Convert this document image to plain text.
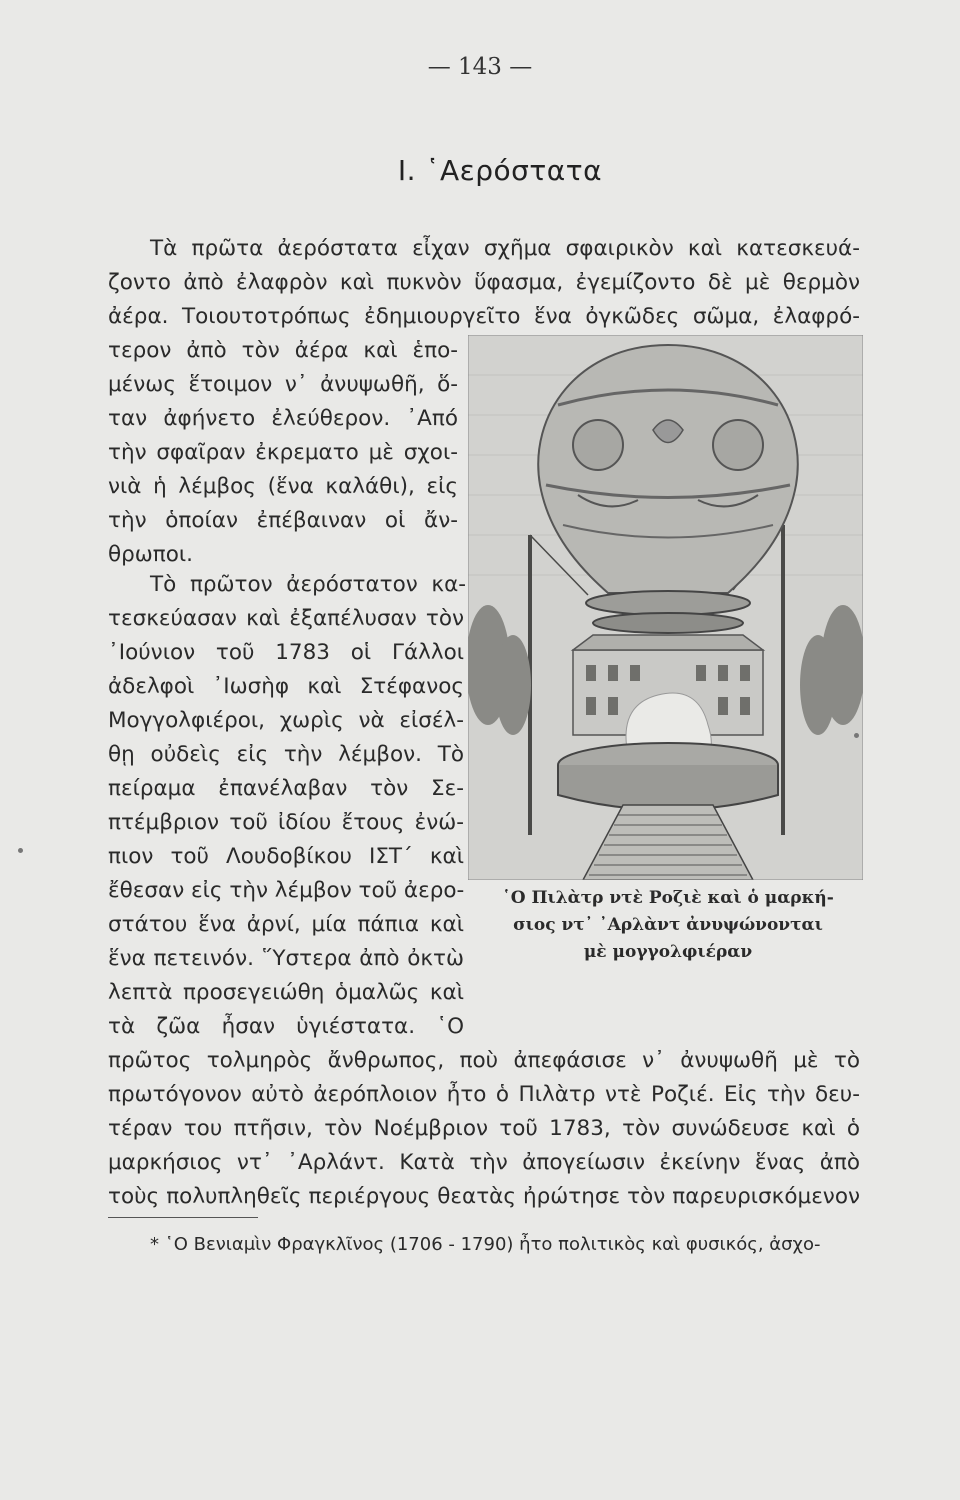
— 143 —
I. ῾Αερόστατα
Τὰ πρῶτα ἀερόστατα εἶχαν σχῆμα σφαιρικὸν καὶ κατεσκευά-
ζοντο ἀπὸ ἐλαφρὸν καὶ πυκνὸν ὕφασμα, ἐγεμίζοντο δὲ μὲ θερμὸν
ἀέρα. Τοιουτοτρόπως ἐδημιουργεῖτο ἕνα ὀγκῶδες σῶμα, ἐλαφρό-
τερον ἀπὸ τὸν ἀέρα καὶ ἑπο-
μένως ἕτοιμον ν᾿ ἀνυψωθῆ, ὅ-
ταν ἀφήνετο ἐλεύθερον. ᾿Από
τὴν σφαῖραν ἐκρεματο μὲ σχοι-
νιὰ ἡ λέμβος (ἕνα καλάθι), εἰς
τὴν ὁποίαν ἐπέβαιναν οἱ ἄν-
θρωποι.
Τὸ πρῶτον ἀερόστατον κα-
τεσκεύασαν καὶ ἐξαπέλυσαν τὸν
᾿Ιούνιον τοῦ 1783 οἱ Γάλλοι
ἀδελφοὶ ᾿Ιωσὴφ καὶ Στέφανος
Μογγολφιέροι, χωρὶς νὰ εἰσέλ-
θῃ οὐδεὶς εἰς τὴν λέμβον. Τὸ
πείραμα ἐπανέλαβαν τὸν Σε-
πτέμβριον τοῦ ἰδίου ἔτους ἐνώ-
πιον τοῦ Λουδοβίκου ΙΣΤ΄ καὶ
ἔθεσαν εἰς τὴν λέμβον τοῦ ἀερο-
στάτου ἕνα ἀρνί, μία πάπια καὶ
ἕνα πετεινόν. ῞Υστερα ἀπὸ ὀκτὼ
λεπτὰ προσεγειώθη ὁμαλῶς καὶ
τὰ ζῶα ἦσαν ὑγιέστατα. ῾Ο
πρῶτος τολμηρὸς ἄνθρωπος, ποὺ ἀπεφάσισε ν᾿ ἀνυψωθῆ μὲ τὸ
πρωτόγονον αὐτὸ ἀερόπλοιον ἦτο ὁ Πιλὰτρ ντὲ Ροζιέ. Εἰς τὴν δευ-
τέραν του πτῆσιν, τὸν Νοέμβριον τοῦ 1783, τὸν συνώδευσε καὶ ὁ
μαρκήσιος ντ᾿ ᾿Αρλάντ. Κατὰ τὴν ἀπογείωσιν ἐκείνην ἕνας ἀπὸ
τοὺς πολυπληθεῖς περιέργους θεατὰς ἠρώτησε τὸν παρευρισκόμενον
῾Ο Πιλὰτρ ντὲ Ροζιὲ καὶ ὁ μαρκή-
σιος ντ᾿ ᾿Αρλὰντ ἀνυψώνονται
μὲ μογγολφιέραν
* ῾Ο Βενιαμὶν Φραγκλῖνος (1706 - 1790) ἦτο πολιτικὸς καὶ φυσικός, ἀσχο-
